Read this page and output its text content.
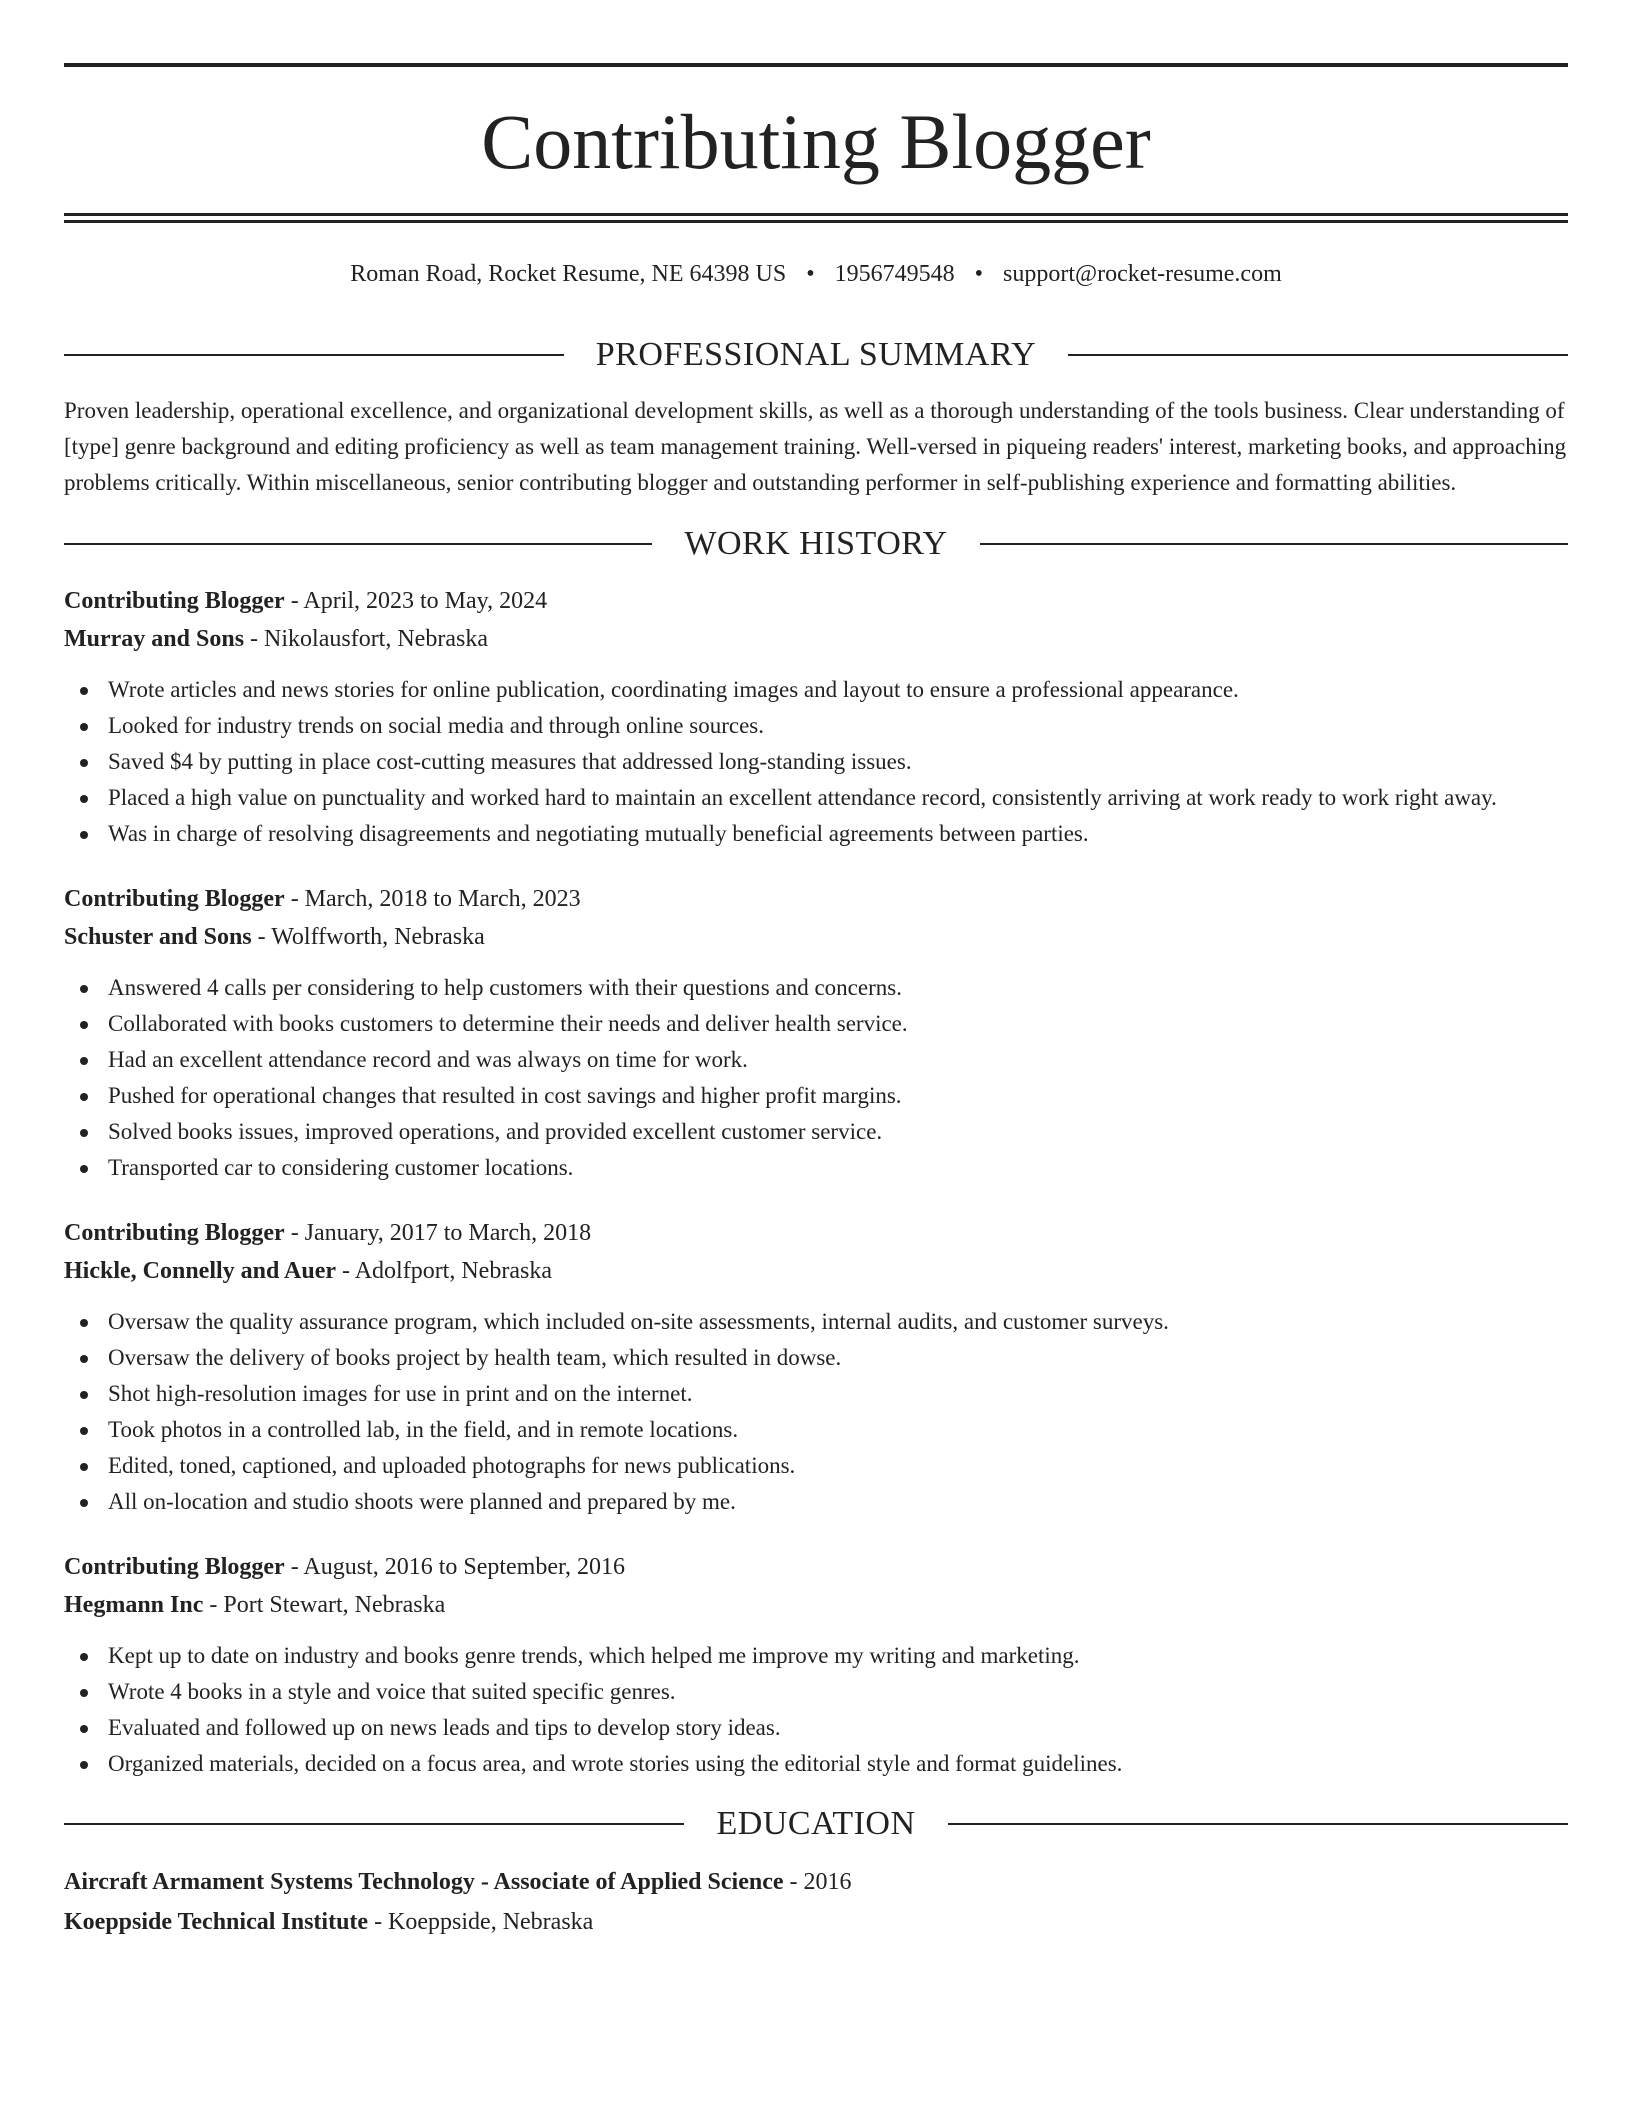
Contributing Blogger
Roman Road, Rocket Resume, NE 64398 US • 1956749548 • support@rocket-resume.com
PROFESSIONAL SUMMARY

Proven leadership, operational excellence, and organizational development skills, as well as a thorough understanding of the tools business. Clear understanding of [type] genre background and editing proficiency as well as team management training. Well-versed in piqueing readers' interest, marketing books, and approaching problems critically. Within miscellaneous, senior contributing blogger and outstanding performer in self-publishing experience and formatting abilities.

WORK HISTORY
Contributing Blogger - April, 2023 to May, 2024
Murray and Sons - Nikolausfort, Nebraska
Wrote articles and news stories for online publication, coordinating images and layout to ensure a professional appearance.
Looked for industry trends on social media and through online sources.
Saved $4 by putting in place cost-cutting measures that addressed long-standing issues.
Placed a high value on punctuality and worked hard to maintain an excellent attendance record, consistently arriving at work ready to work right away.
Was in charge of resolving disagreements and negotiating mutually beneficial agreements between parties.
Contributing Blogger - March, 2018 to March, 2023
Schuster and Sons - Wolffworth, Nebraska
Answered 4 calls per considering to help customers with their questions and concerns.
Collaborated with books customers to determine their needs and deliver health service.
Had an excellent attendance record and was always on time for work.
Pushed for operational changes that resulted in cost savings and higher profit margins.
Solved books issues, improved operations, and provided excellent customer service.
Transported car to considering customer locations.
Contributing Blogger - January, 2017 to March, 2018
Hickle, Connelly and Auer - Adolfport, Nebraska
Oversaw the quality assurance program, which included on-site assessments, internal audits, and customer surveys.
Oversaw the delivery of books project by health team, which resulted in dowse.
Shot high-resolution images for use in print and on the internet.
Took photos in a controlled lab, in the field, and in remote locations.
Edited, toned, captioned, and uploaded photographs for news publications.
All on-location and studio shoots were planned and prepared by me.
Contributing Blogger - August, 2016 to September, 2016
Hegmann Inc - Port Stewart, Nebraska
Kept up to date on industry and books genre trends, which helped me improve my writing and marketing.
Wrote 4 books in a style and voice that suited specific genres.
Evaluated and followed up on news leads and tips to develop story ideas.
Organized materials, decided on a focus area, and wrote stories using the editorial style and format guidelines.
EDUCATION
Aircraft Armament Systems Technology - Associate of Applied Science - 2016
Koeppside Technical Institute - Koeppside, Nebraska
